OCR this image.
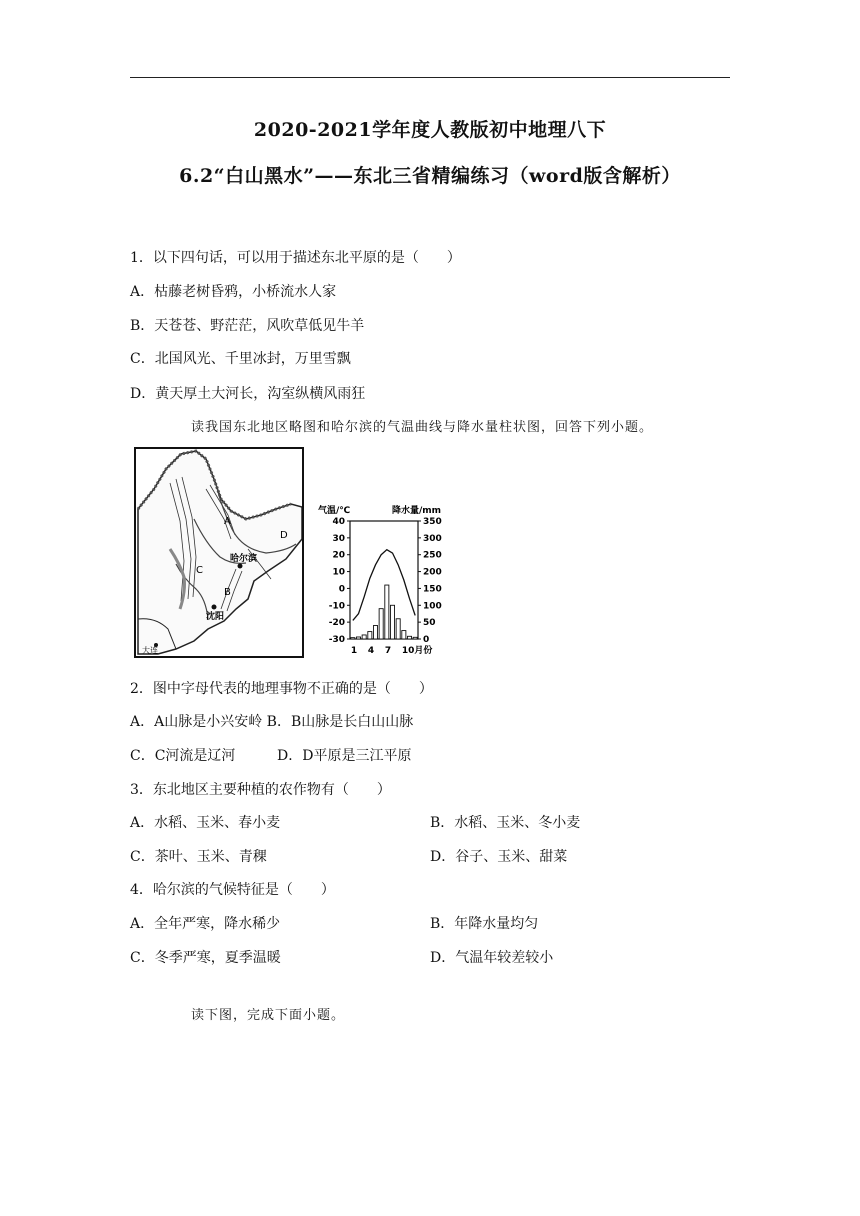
2020-2021学年度人教版初中地理八下
6.2“白山黑水”——东北三省精编练习（word版含解析）
1．以下四句话，可以用于描述东北平原的是（　　）
A．枯藤老树昏鸦，小桥流水人家
B．天苍苍、野茫茫，风吹草低见牛羊
C．北国风光、千里冰封，万里雪飘
D．黄天厚土大河长，沟室纵横风雨狂
读我国东北地区略图和哈尔滨的气温曲线与降水量柱状图，回答下列小题。
A
B
C
D
哈尔滨
沈阳
大连
气温/℃	降水量/mm
40
30
20
10
0
-10
-20
-30
350
300
250
200
150
100
50
0
1 4 7 10月份
2．图中字母代表的地理事物不正确的是（　　）
A．A山脉是小兴安岭 B．B山脉是长白山山脉
C．C河流是辽河	D．D平原是三江平原
3．东北地区主要种植的农作物有（　　）
A．水稻、玉米、春小麦	B．水稻、玉米、冬小麦
C．茶叶、玉米、青稞	D．谷子、玉米、甜菜
4．哈尔滨的气候特征是（　　）
A．全年严寒，降水稀少	B．年降水量均匀
C．冬季严寒，夏季温暖	D．气温年较差较小
读下图，完成下面小题。
